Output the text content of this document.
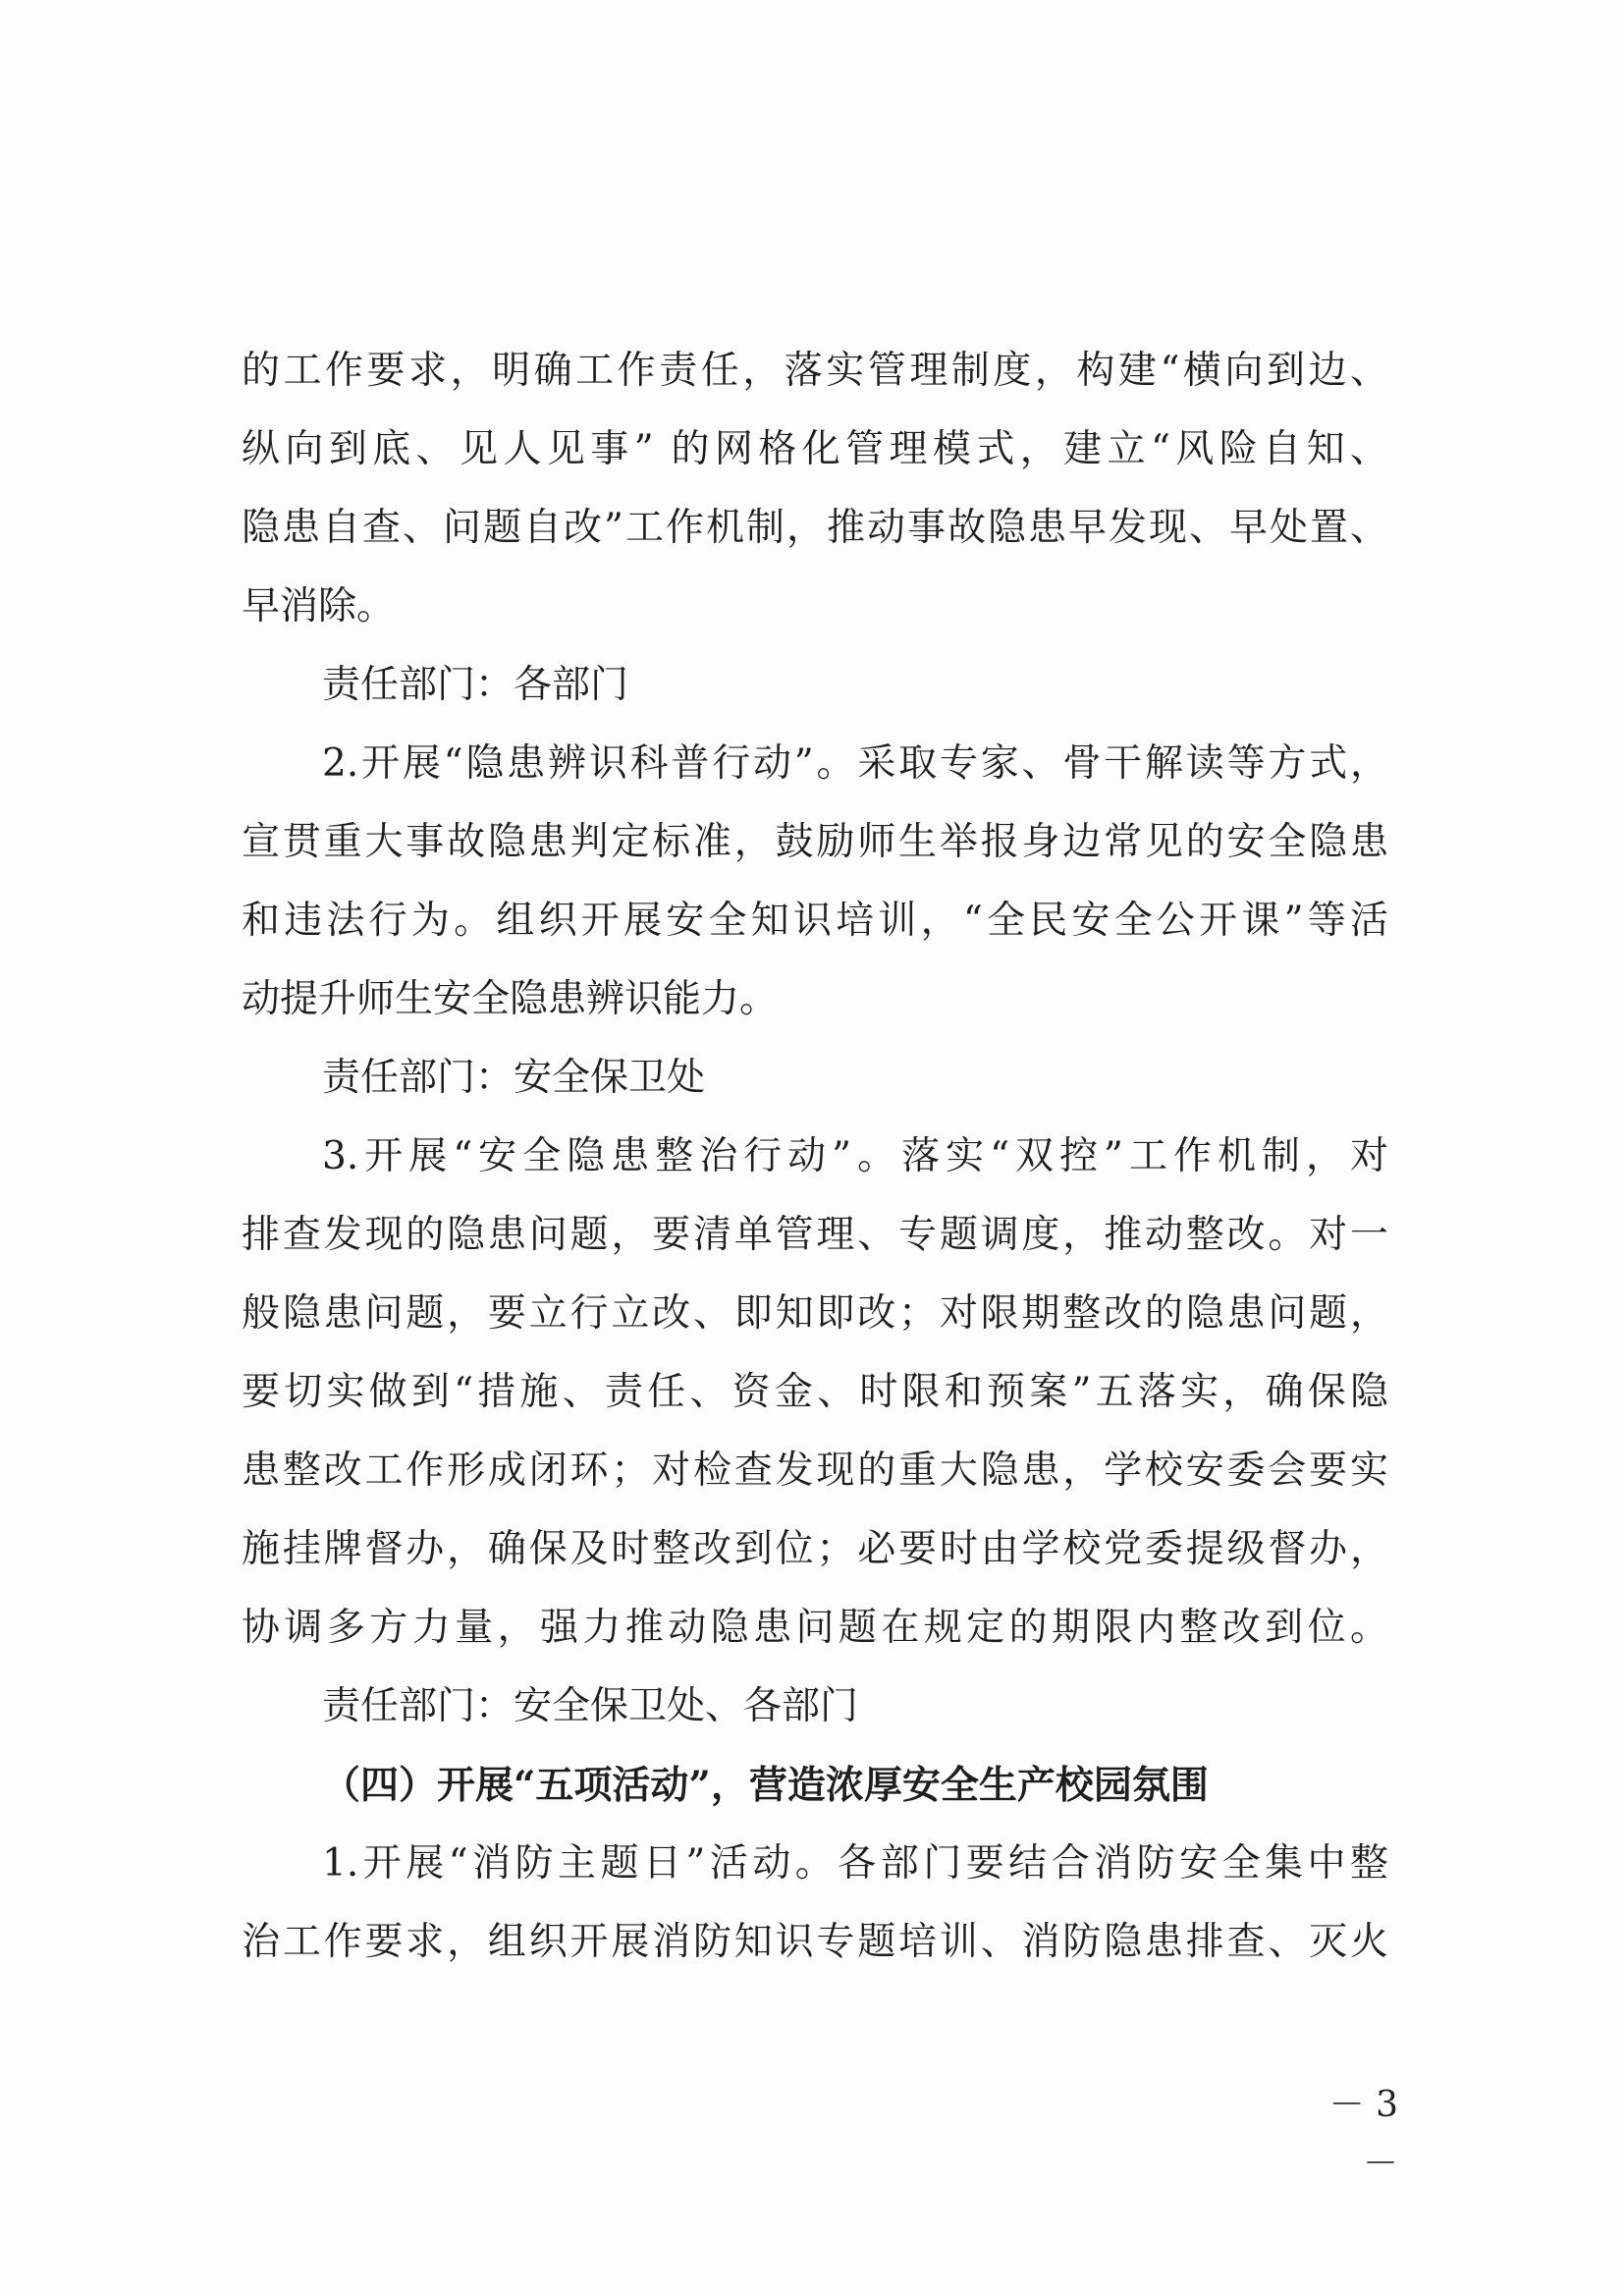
的工作要求，明确工作责任，落实管理制度，构建“横向到边、
纵向到底、见人见事” 的网格化管理模式，建立“风险自知、
隐患自查、问题自改”工作机制，推动事故隐患早发现、早处置、
早消除。
责任部门：各部门
2.开展“隐患辨识科普行动”。采取专家、骨干解读等方式，
宣贯重大事故隐患判定标准，鼓励师生举报身边常见的安全隐患
和违法行为。组织开展安全知识培训，“全民安全公开课”等活
动提升师生安全隐患辨识能力。
责任部门：安全保卫处
3.开展“安全隐患整治行动”。落实“双控”工作机制，对
排查发现的隐患问题，要清单管理、专题调度，推动整改。对一
般隐患问题，要立行立改、即知即改；对限期整改的隐患问题，
要切实做到“措施、责任、资金、时限和预案”五落实，确保隐
患整改工作形成闭环；对检查发现的重大隐患，学校安委会要实
施挂牌督办，确保及时整改到位；必要时由学校党委提级督办，
协调多方力量，强力推动隐患问题在规定的期限内整改到位。
责任部门：安全保卫处、各部门
（四）开展“五项活动”，营造浓厚安全生产校园氛围
1.开展“消防主题日”活动。各部门要结合消防安全集中整
治工作要求，组织开展消防知识专题培训、消防隐患排查、灭火
－ 3 －
